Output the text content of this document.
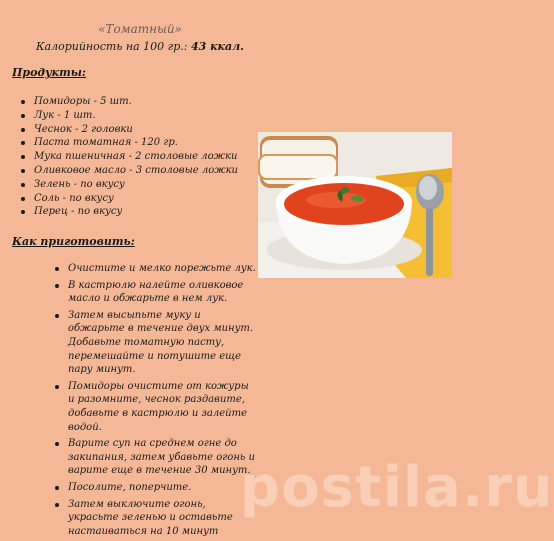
«Томатный»
Калорийность на 100 гр.: 43 ккал.
Продукты:
Помидоры - 5 шт.
Лук - 1 шт.
Чеснок - 2 головки
Паста томатная - 120 гр.
Мука пшеничная - 2 столовые ложки
Оливковое масло - 3 столовые ложки
Зелень - по вкусу
Соль - по вкусу
Перец - по вкусу
Как приготовить:
Очистите и мелко порежьте лук.
В кастрюлю налейте оливковое масло и обжарьте в нем лук.
Затем высыпьте муку и обжарьте в течение двух минут. Добавьте томатную пасту, перемешайте и потушите еще пару минут.
Помидоры очистите от кожуры и разомните, чеснок раздавите, добавьте в кастрюлю и залейте водой.
Варите суп на среднем огне до закипания, затем убавьте огонь и варите еще в течение 30 минут.
Посолите, поперчите.
Затем выключите огонь, украсьте зеленью и оставьте настаиваться на 10 минут
postila.ru
